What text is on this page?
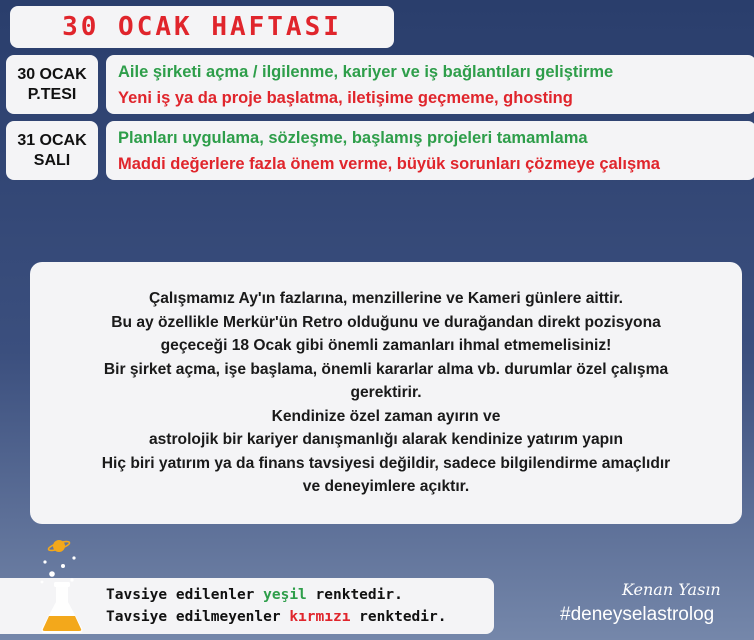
30 OCAK HAFTASI
30 OCAK
P.TESI
Aile şirketi açma / ilgilenme, kariyer ve iş bağlantıları geliştirme
Yeni iş ya da proje başlatma, iletişime geçmeme, ghosting
31 OCAK
SALI
Planları uygulama, sözleşme, başlamış projeleri tamamlama
Maddi değerlere fazla önem verme, büyük sorunları çözmeye çalışma
Çalışmamız Ay'ın fazlarına, menzillerine ve Kameri günlere aittir.
Bu ay özellikle Merkür'ün Retro olduğunu ve durağandan direkt pozisyona
geçeceği 18 Ocak gibi önemli zamanları ihmal etmemelisiniz!
Bir şirket açma, işe başlama, önemli kararlar alma vb. durumlar özel çalışma
gerektirir.
Kendinize özel zaman ayırın ve
astrolojik bir kariyer danışmanlığı alarak kendinize yatırım yapın
Hiç biri yatırım ya da finans tavsiyesi değildir, sadece bilgilendirme amaçlıdır
ve deneyimlere açıktır.
Tavsiye edilenler yeşil renktedir.
Tavsiye edilmeyenler kırmızı renktedir.
Kenan Yasın
#deneyselastrolog
